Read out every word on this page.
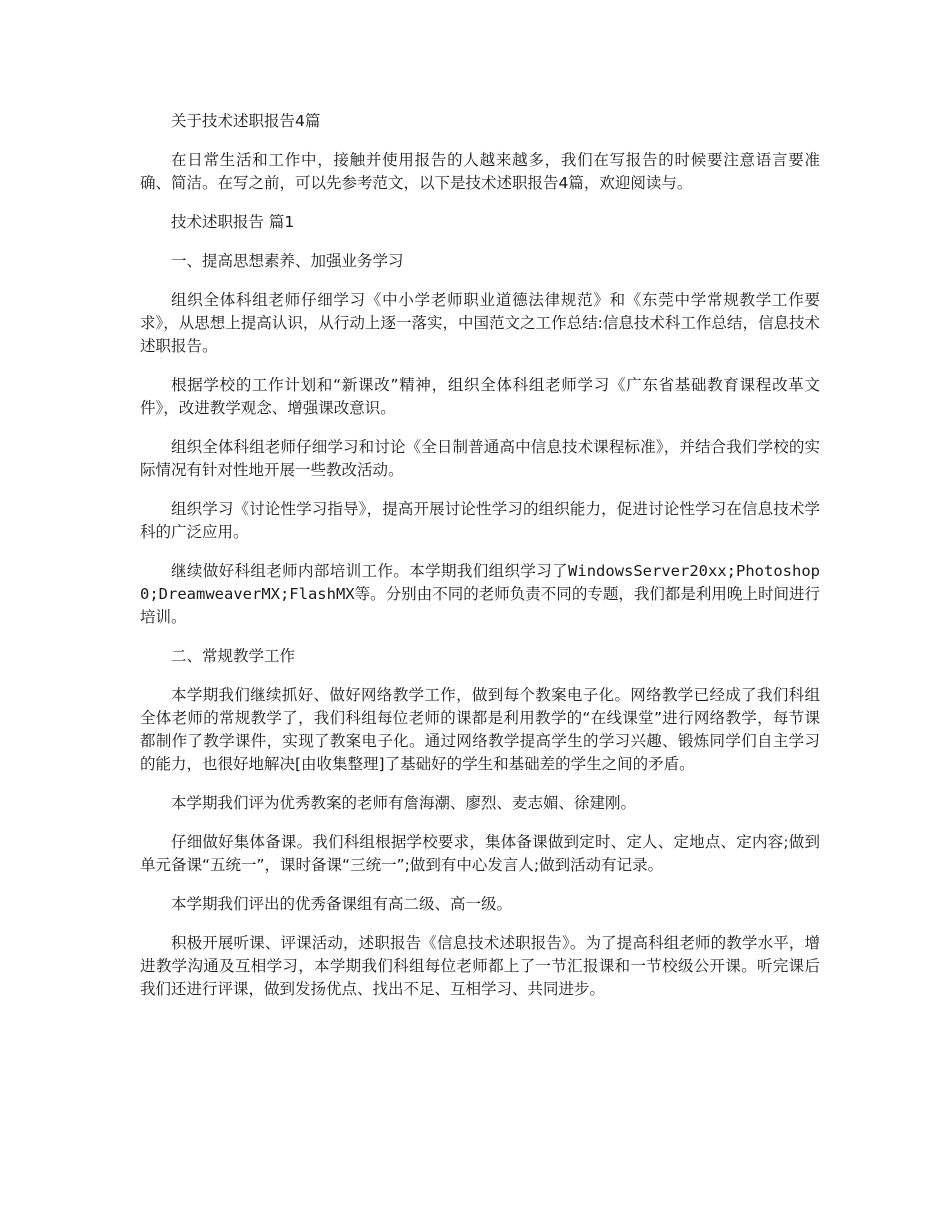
关于技术述职报告4篇

在日常生活和工作中，接触并使用报告的人越来越多，我们在写报告的时候要注意语言要准确、简洁。在写之前，可以先参考范文，以下是技术述职报告4篇，欢迎阅读与。

技术述职报告 篇1

一、提高思想素养、加强业务学习

组织全体科组老师仔细学习《中小学老师职业道德法律规范》和《东莞中学常规教学工作要求》，从思想上提高认识，从行动上逐一落实，中国范文之工作总结:信息技术科工作总结，信息技术述职报告。

根据学校的工作计划和“新课改”精神，组织全体科组老师学习《广东省基础教育课程改革文件》，改进教学观念、增强课改意识。

组织全体科组老师仔细学习和讨论《全日制普通高中信息技术课程标准》，并结合我们学校的实际情况有针对性地开展一些教改活动。

组织学习《讨论性学习指导》，提高开展讨论性学习的组织能力，促进讨论性学习在信息技术学科的广泛应用。

继续做好科组老师内部培训工作。本学期我们组织学习了WindowsServer20xx;Photoshop0;DreamweaverMX;FlashMX等。分别由不同的老师负责不同的专题，我们都是利用晚上时间进行培训。

二、常规教学工作

本学期我们继续抓好、做好网络教学工作，做到每个教案电子化。网络教学已经成了我们科组全体老师的常规教学了，我们科组每位老师的课都是利用教学的“在线课堂”进行网络教学，每节课都制作了教学课件，实现了教案电子化。通过网络教学提高学生的学习兴趣、锻炼同学们自主学习的能力，也很好地解决[由收集整理]了基础好的学生和基础差的学生之间的矛盾。

本学期我们评为优秀教案的老师有詹海潮、廖烈、麦志媚、徐建刚。

仔细做好集体备课。我们科组根据学校要求，集体备课做到定时、定人、定地点、定内容;做到单元备课“五统一”，课时备课“三统一”;做到有中心发言人;做到活动有记录。

本学期我们评出的优秀备课组有高二级、高一级。

积极开展听课、评课活动，述职报告《信息技术述职报告》。为了提高科组老师的教学水平，增进教学沟通及互相学习，本学期我们科组每位老师都上了一节汇报课和一节校级公开课。听完课后我们还进行评课，做到发扬优点、找出不足、互相学习、共同进步。
